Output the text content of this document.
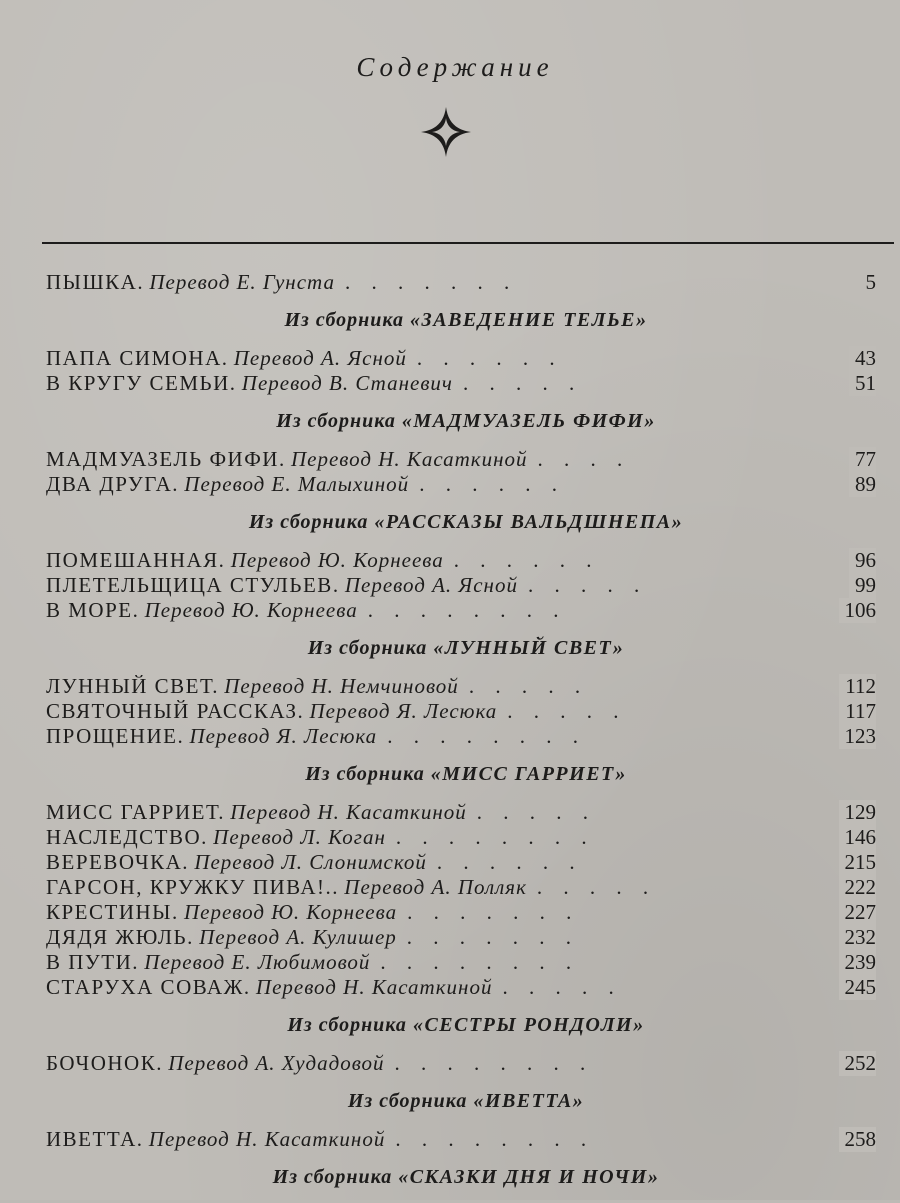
Содержание
ПЫШКА. Перевод Е. Гунста . . . . . . .	5
Из сборника «ЗАВЕДЕНИЕ ТЕЛЬЕ»
ПАПА СИМОНА. Перевод А. Ясной . . . . . .	43
В КРУГУ СЕМЬИ. Перевод В. Станевич . . . . .	51
Из сборника «МАДМУАЗЕЛЬ ФИФИ»
МАДМУАЗЕЛЬ ФИФИ. Перевод Н. Касаткиной . . . .	77
ДВА ДРУГА. Перевод Е. Малыхиной . . . . . .	89
Из сборника «РАССКАЗЫ ВАЛЬДШНЕПА»
ПОМЕШАННАЯ. Перевод Ю. Корнеева . . . . . .	96
ПЛЕТЕЛЬЩИЦА СТУЛЬЕВ. Перевод А. Ясной . . . . .	99
В МОРЕ. Перевод Ю. Корнеева . . . . . . . .	106
Из сборника «ЛУННЫЙ СВЕТ»
ЛУННЫЙ СВЕТ. Перевод Н. Немчиновой . . . . .	112
СВЯТОЧНЫЙ РАССКАЗ. Перевод Я. Лесюка . . . . .	117
ПРОЩЕНИЕ. Перевод Я. Лесюка . . . . . . . .	123
Из сборника «МИСС ГАРРИЕТ»
МИСС ГАРРИЕТ. Перевод Н. Касаткиной . . . . .	129
НАСЛЕДСТВО. Перевод Л. Коган . . . . . . . .	146
ВЕРЕВОЧКА. Перевод Л. Слонимской . . . . . .	215
ГАРСОН, КРУЖКУ ПИВА!.. Перевод А. Полляк . . . . .	222
КРЕСТИНЫ. Перевод Ю. Корнеева . . . . . . .	227
ДЯДЯ ЖЮЛЬ. Перевод А. Кулишер . . . . . . .	232
В ПУТИ. Перевод Е. Любимовой . . . . . . . .	239
СТАРУХА СОВАЖ. Перевод Н. Касаткиной . . . . .	245
Из сборника «СЕСТРЫ РОНДОЛИ»
БОЧОНОК. Перевод А. Худадовой . . . . . . . .	252
Из сборника «ИВЕТТА»
ИВЕТТА. Перевод Н. Касаткиной . . . . . . . .	258
Из сборника «СКАЗКИ ДНЯ И НОЧИ»
